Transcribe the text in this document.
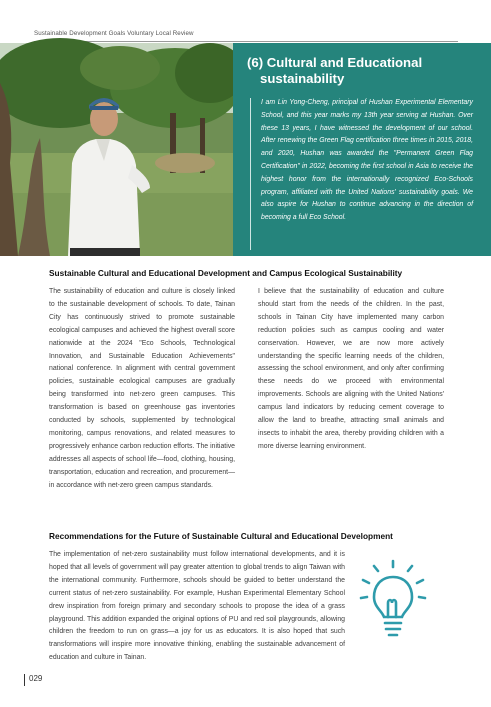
Sustainable Development Goals Voluntary Local Review
Principal, Hushan Experimental Elementary School / Yong-Cheng Lin
(6) Cultural and Educational
sustainability

I am Lin Yong-Cheng, principal of Hushan Experimental Elementary School, and this year marks my 13th year serving at Hushan. Over these 13 years, I have witnessed the development of our school. After renewing the Green Flag certification three times in 2015, 2018, and 2020, Hushan was awarded the "Permanent Green Flag Certification" in 2022, becoming the first school in Asia to receive the highest honor from the internationally recognized Eco-Schools program, affiliated with the United Nations' sustainability goals. We also aspire for Hushan to continue advancing in the direction of becoming a full Eco School.

Sustainable Cultural and Educational Development and Campus Ecological Sustainability

The sustainability of education and culture is closely linked to the sustainable development of schools. To date, Tainan City has continuously strived to promote sustainable ecological campuses and achieved the highest overall score nationwide at the 2024 "Eco Schools, Technological Innovation, and Sustainable Education Achievements" national conference. In alignment with central government policies, sustainable ecological campuses are gradually being transformed into net-zero green campuses. This transformation is based on greenhouse gas inventories conducted by schools, supplemented by technological monitoring, campus renovations, and related measures to progressively enhance carbon reduction efforts. The initiative addresses all aspects of school life—food, clothing, housing, transportation, education and recreation, and procurement—in accordance with net-zero green campus standards.

I believe that the sustainability of education and culture should start from the needs of the children. In the past, schools in Tainan City have implemented many carbon reduction policies such as campus cooling and water conservation. However, we are now more actively understanding the specific learning needs of the children, assessing the school environment, and only after confirming these needs do we proceed with environmental improvements. Schools are aligning with the United Nations' campus land indicators by reducing cement coverage to allow the land to breathe, attracting small animals and insects to inhabit the area, thereby providing children with a more diverse learning environment.

Recommendations for the Future of Sustainable Cultural and Educational Development

The implementation of net-zero sustainability must follow international developments, and it is hoped that all levels of government will pay greater attention to global trends to align Taiwan with the international community. Furthermore, schools should be guided to better understand the current status of net-zero sustainability. For example, Hushan Experimental Elementary School drew inspiration from foreign primary and secondary schools to propose the idea of a grass playground. This addition expanded the original options of PU and red soil playgrounds, allowing children the freedom to run on grass—a joy for us as educators. It is also hoped that such transformations will inspire more innovative thinking, enabling the sustainable advancement of education and culture in Tainan.

029
